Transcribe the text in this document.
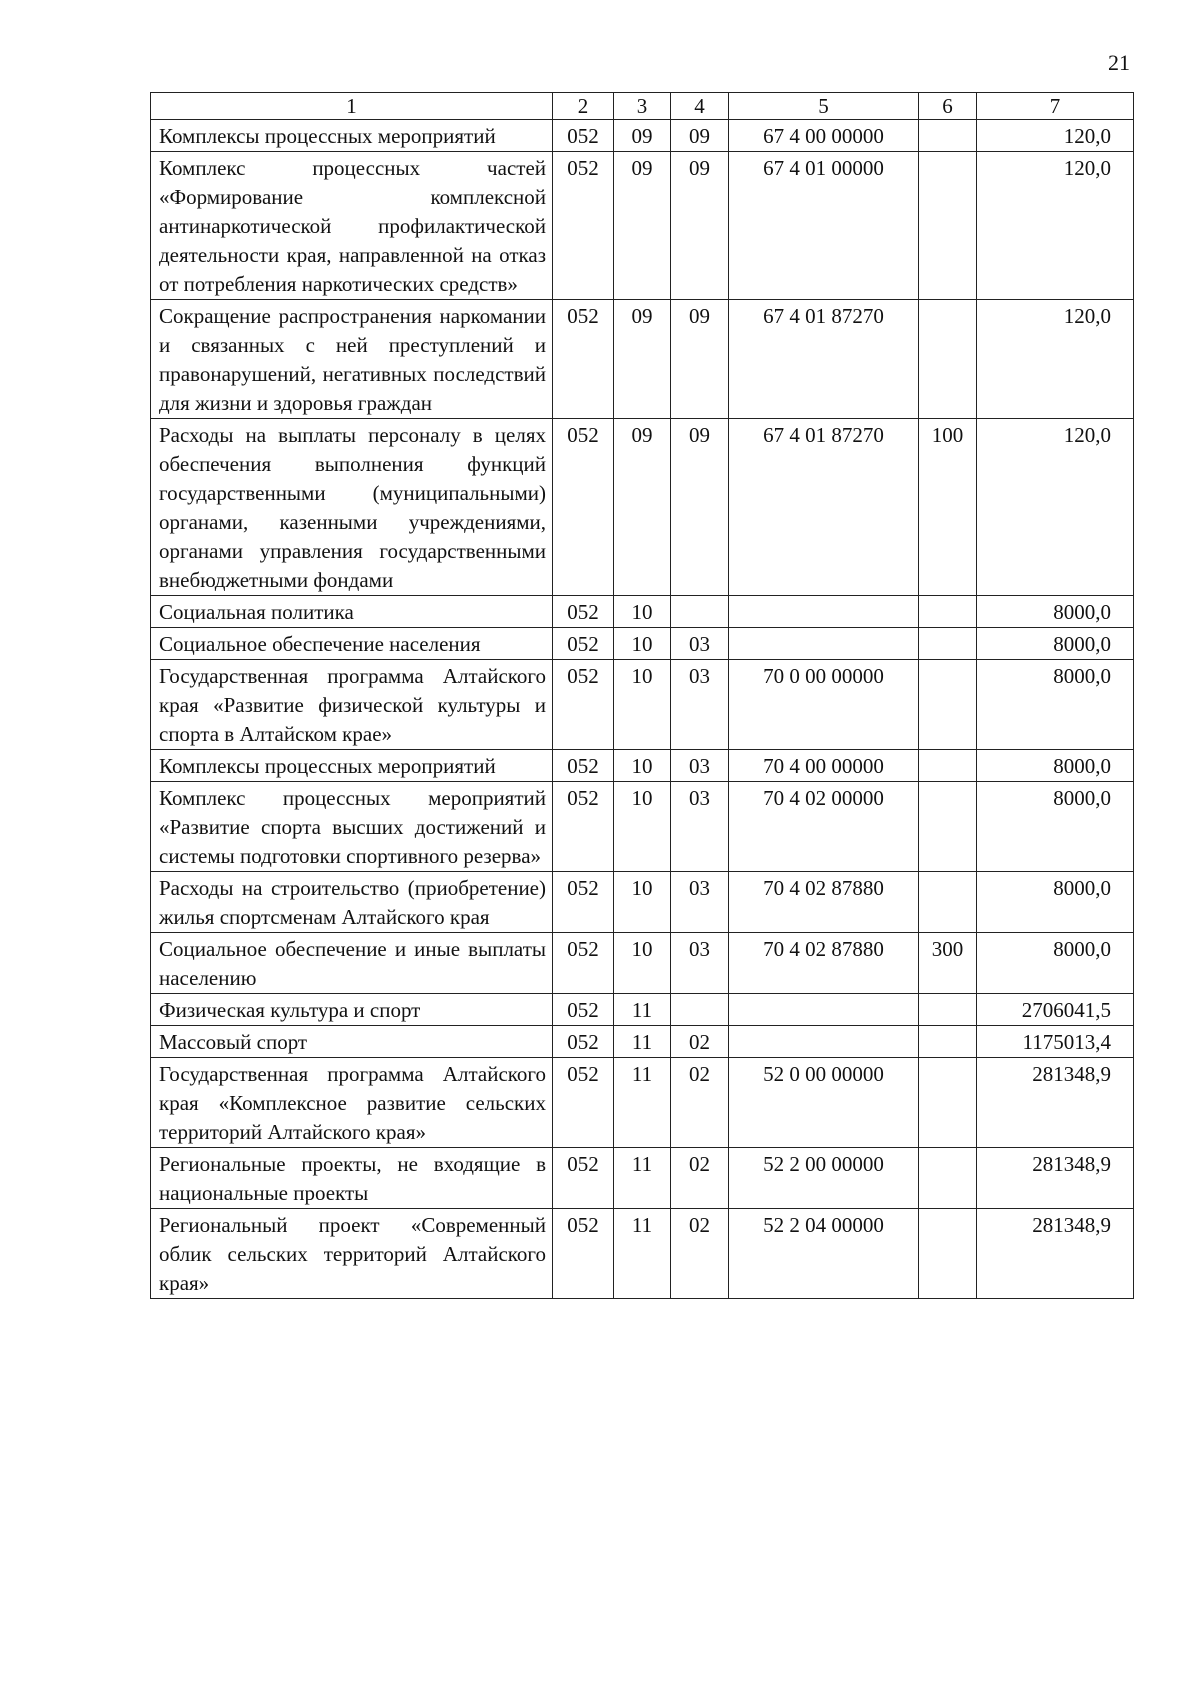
21
1	2	3	4	5	6	7
Комплексы процессных мероприятий	052	09	09	67 4 00 00000		120,0
Комплекс процессных частей «Формирование комплексной антинаркотической профилактической деятельности края, направленной на отказ от потребления наркотических средств»	052	09	09	67 4 01 00000		120,0
Сокращение распространения наркомании и связанных с ней преступлений и правонарушений, негативных последствий для жизни и здоровья граждан	052	09	09	67 4 01 87270		120,0
Расходы на выплаты персоналу в целях обеспечения выполнения функций государственными (муниципальными) органами, казенными учреждениями, органами управления государственными внебюджетными фондами	052	09	09	67 4 01 87270	100	120,0
Социальная политика	052	10				8000,0
Социальное обеспечение населения	052	10	03			8000,0
Государственная программа Алтайского края «Развитие физической культуры и спорта в Алтайском крае»	052	10	03	70 0 00 00000		8000,0
Комплексы процессных мероприятий	052	10	03	70 4 00 00000		8000,0
Комплекс процессных мероприятий «Развитие спорта высших достижений и системы подготовки спортивного резерва»	052	10	03	70 4 02 00000		8000,0
Расходы на строительство (приобретение) жилья спортсменам Алтайского края	052	10	03	70 4 02 87880		8000,0
Социальное обеспечение и иные выплаты населению	052	10	03	70 4 02 87880	300	8000,0
Физическая культура и спорт	052	11				2706041,5
Массовый спорт	052	11	02			1175013,4
Государственная программа Алтайского края «Комплексное развитие сельских территорий Алтайского края»	052	11	02	52 0 00 00000		281348,9
Региональные проекты, не входящие в национальные проекты	052	11	02	52 2 00 00000		281348,9
Региональный проект «Современный облик сельских территорий Алтайского края»	052	11	02	52 2 04 00000		281348,9
